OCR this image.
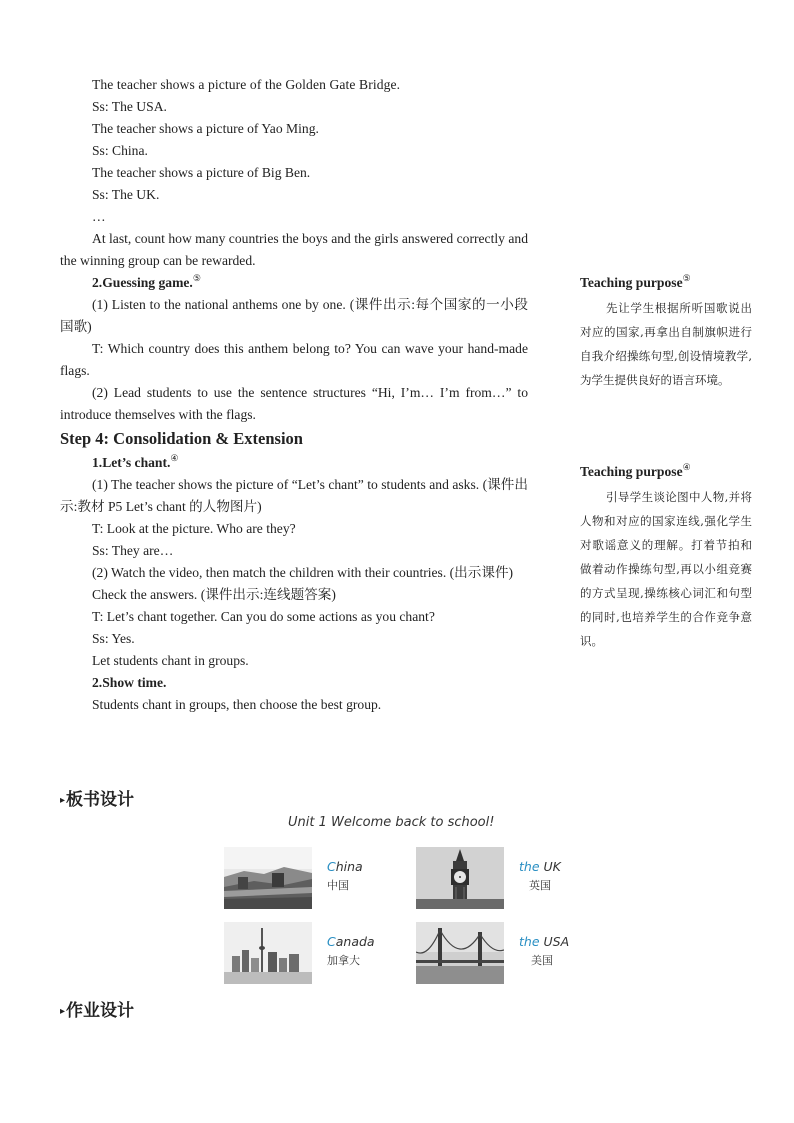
The teacher shows a picture of the Golden Gate Bridge.

Ss: The USA.

The teacher shows a picture of Yao Ming.

Ss: China.

The teacher shows a picture of Big Ben.

Ss: The UK.

…

At last, count how many countries the boys and the girls answered correctly and the winning group can be rewarded.

2.Guessing game.⑤

(1) Listen to the national anthems one by one. (课件出示:每个国家的一小段国歌)

T: Which country does this anthem belong to? You can wave your hand-made flags.

(2) Lead students to use the sentence structures “Hi, I’m… I’m from…” to introduce themselves with the flags.

Step 4: Consolidation & Extension

1.Let’s chant.④

(1) The teacher shows the picture of “Let’s chant” to students and asks. (课件出示:教材 P5 Let’s chant 的人物图片)

T: Look at the picture. Who are they?

Ss: They are…

(2) Watch the video, then match the children with their countries. (出示课件)

Check the answers. (课件出示:连线题答案)

T: Let’s chant together. Can you do some actions as you chant?

Ss: Yes.

Let students chant in groups.

2.Show time.

Students chant in groups, then choose the best group.

Teaching purpose⑤

先让学生根据所听国歌说出对应的国家,再拿出自制旗帜进行自我介绍操练句型,创设情境教学,为学生提供良好的语言环境。

Teaching purpose④

引导学生谈论图中人物,并将人物和对应的国家连线,强化学生对歌谣意义的理解。打着节拍和做着动作操练句型,再以小组竞赛的方式呈现,操练核心词汇和句型的同时,也培养学生的合作竞争意识。

▸板书设计
Unit 1 Welcome back to school!
China
中国
the UK
英国
Canada
加拿大
the USA
美国
▸作业设计
